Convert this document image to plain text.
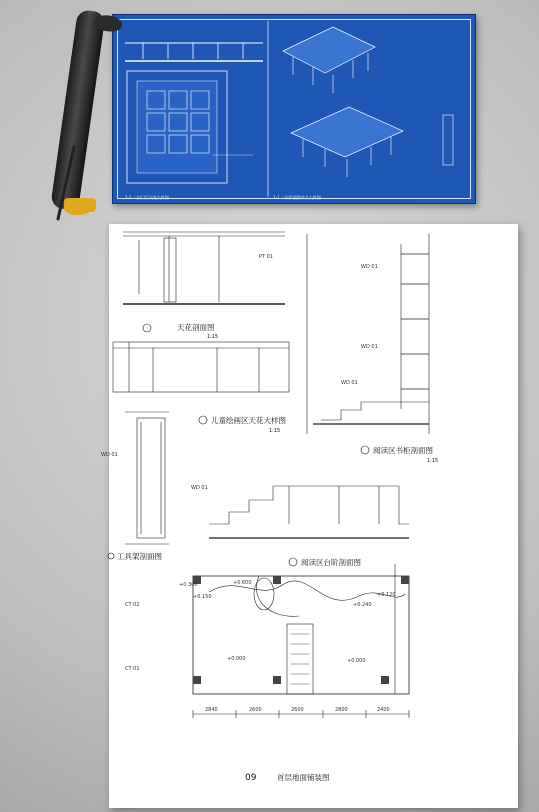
1-1 二层门厅天花大样图	1-1 二层平面图节点大样图
天花剖面图
1:15
儿童绘画区天花大样图
1:15
阅读区书柜剖面图
1:15
工具架剖面图
阅读区台阶剖面图
09	首层地面铺装图
PT 01
WD 01
WD 01
WD 01
WD 01
WD 01
CT 02
CT 01
+0.300
+0.150
+0.600
+0.120
+0.240
+0.000	+0.000
2840	2600	2600	2800	2400
